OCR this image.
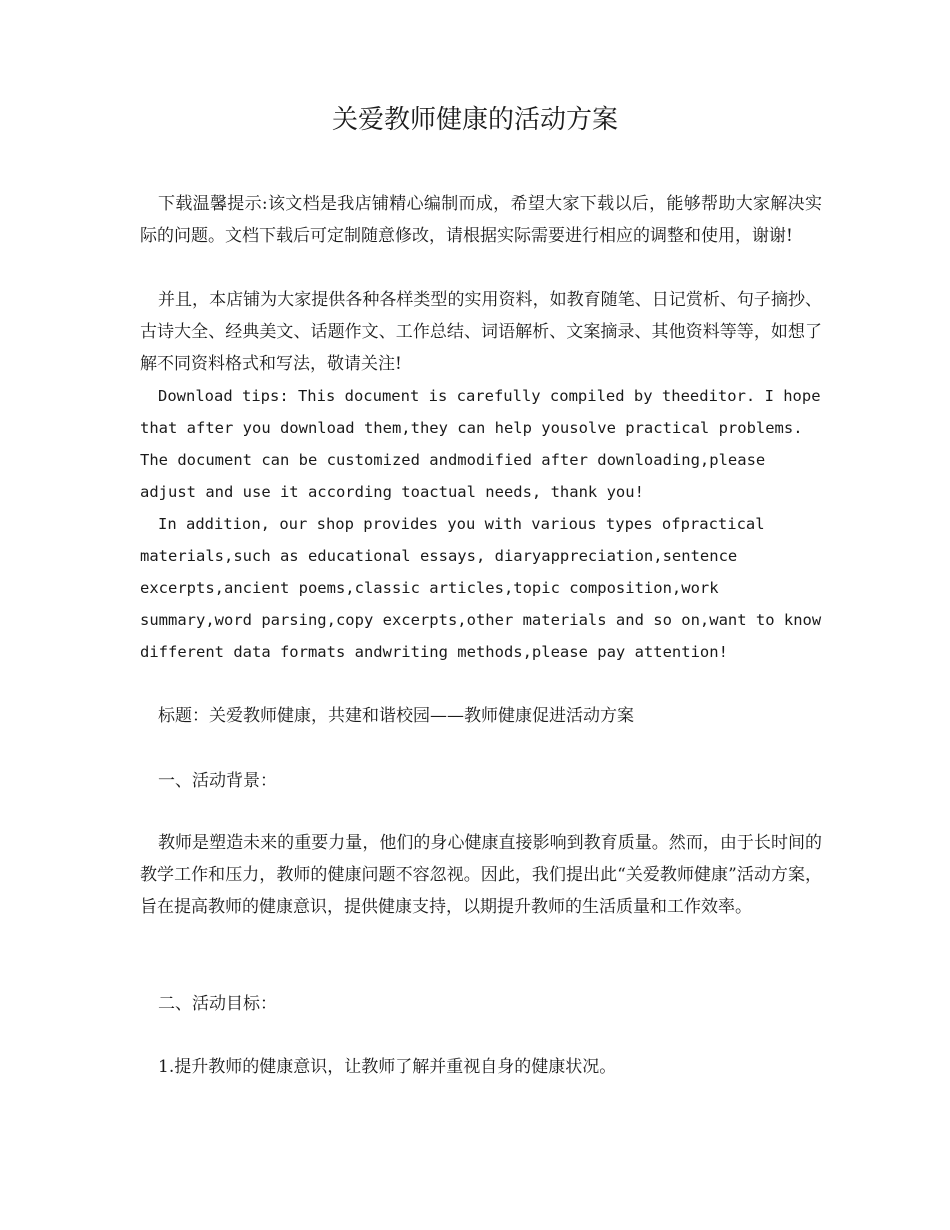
关爱教师健康的活动方案

下载温馨提示:该文档是我店铺精心编制而成，希望大家下载以后，能够帮助大家解决实际的问题。文档下载后可定制随意修改，请根据实际需要进行相应的调整和使用，谢谢!

并且，本店铺为大家提供各种各样类型的实用资料，如教育随笔、日记赏析、句子摘抄、古诗大全、经典美文、话题作文、工作总结、词语解析、文案摘录、其他资料等等，如想了解不同资料格式和写法，敬请关注!

Download tips: This document is carefully compiled by theeditor. I hope that after you download them,they can help yousolve practical problems. The document can be customized andmodified after downloading,please adjust and use it according toactual needs, thank you!

In addition, our shop provides you with various types ofpractical materials,such as educational essays, diaryappreciation,sentence excerpts,ancient poems,classic articles,topic composition,work summary,word parsing,copy excerpts,other materials and so on,want to know different data formats andwriting methods,please pay attention!

标题：关爱教师健康，共建和谐校园——教师健康促进活动方案

一、活动背景：

教师是塑造未来的重要力量，他们的身心健康直接影响到教育质量。然而，由于长时间的教学工作和压力，教师的健康问题不容忽视。因此，我们提出此“关爱教师健康”活动方案，旨在提高教师的健康意识，提供健康支持，以期提升教师的生活质量和工作效率。

二、活动目标：

1.提升教师的健康意识，让教师了解并重视自身的健康状况。
